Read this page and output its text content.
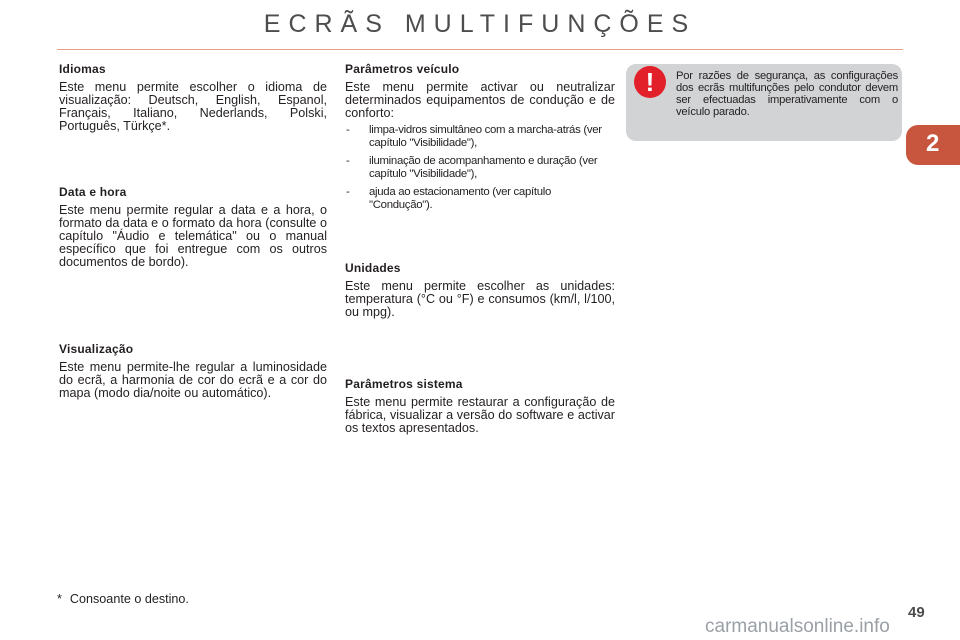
ECRÃS MULTIFUNÇÕES
Idiomas

Este menu permite escolher o idioma de visualização: Deutsch, English, Espanol, Français, Italiano, Nederlands, Polski, Português, Türkçe*.

Data e hora

Este menu permite regular a data e a hora, o formato da data e o formato da hora (consulte o capítulo "Áudio e telemática" ou o manual específico que foi entregue com os outros documentos de bordo).

Visualização

Este menu permite-lhe regular a luminosidade do ecrã, a harmonia de cor do ecrã e a cor do mapa (modo dia/noite ou automático).

Parâmetros veículo

Este menu permite activar ou neutralizar determinados equipamentos de condução e de conforto:

- limpa-vidros simultâneo com a marcha-atrás (ver capítulo "Visibilidade"),
- iluminação de acompanhamento e duração (ver capítulo "Visibilidade"),
- ajuda ao estacionamento (ver capítulo "Condução").
Unidades

Este menu permite escolher as unidades: temperatura (°C ou °F) e consumos (km/l, l/100, ou mpg).

Parâmetros sistema

Este menu permite restaurar a configuração de fábrica, visualizar a versão do software e activar os textos apresentados.

!	Por razões de segurança, as configurações dos ecrãs multifunções pelo condutor devem ser efectuadas imperativamente com o veículo parado.
2
* Consoante o destino.
49
carmanualsonline.info
